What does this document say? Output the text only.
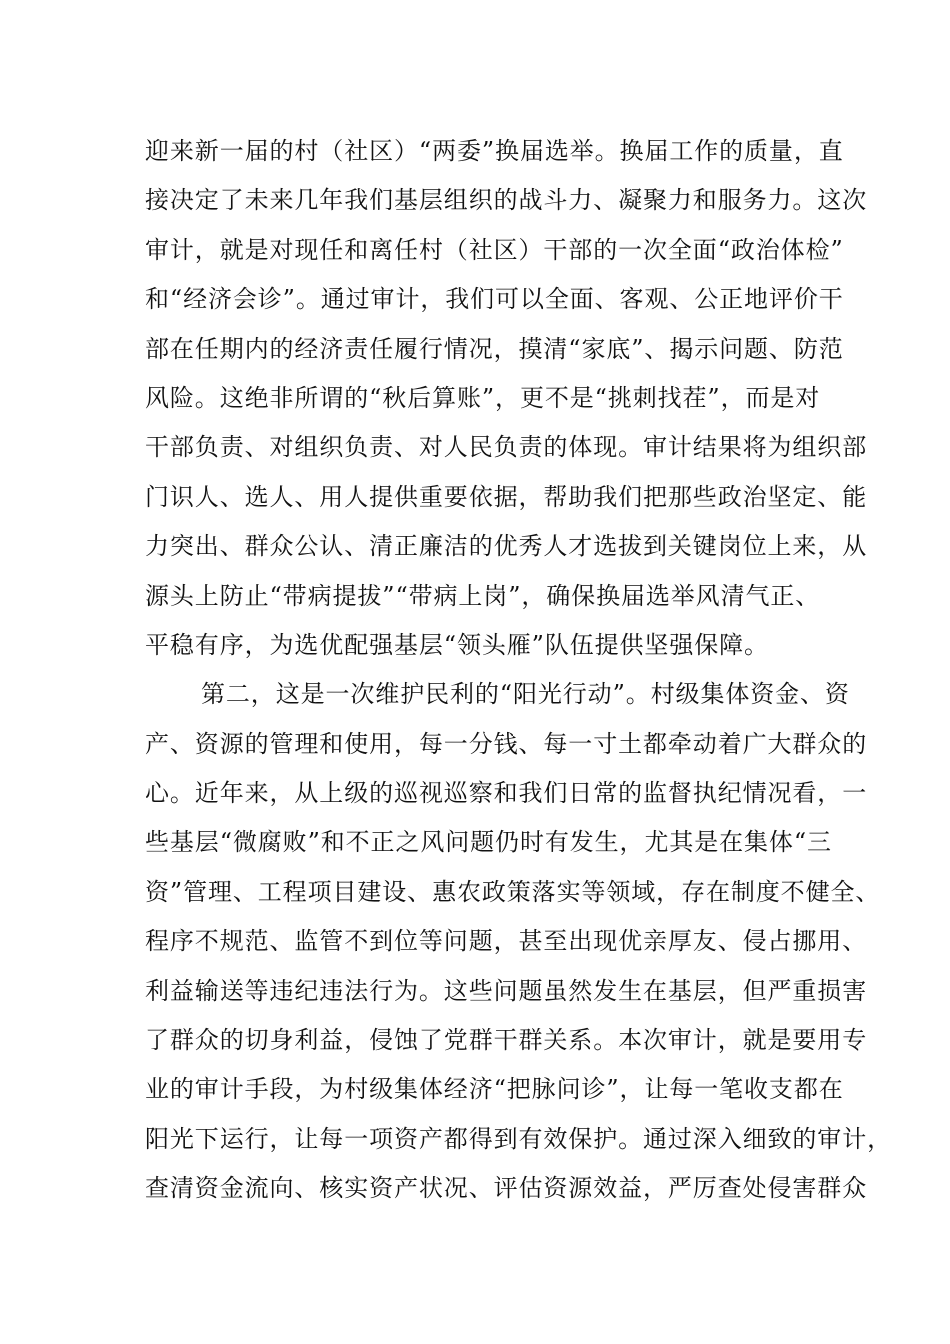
迎来新一届的村（社区）“两委”换届选举。换届工作的质量，直
接决定了未来几年我们基层组织的战斗力、凝聚力和服务力。这次
审计，就是对现任和离任村（社区）干部的一次全面“政治体检”
和“经济会诊”。通过审计，我们可以全面、客观、公正地评价干
部在任期内的经济责任履行情况，摸清“家底”、揭示问题、防范
风险。这绝非所谓的“秋后算账”，更不是“挑刺找茬”，而是对
干部负责、对组织负责、对人民负责的体现。审计结果将为组织部
门识人、选人、用人提供重要依据，帮助我们把那些政治坚定、能
力突出、群众公认、清正廉洁的优秀人才选拔到关键岗位上来，从
源头上防止“带病提拔”“带病上岗”，确保换届选举风清气正、
平稳有序，为选优配强基层“领头雁”队伍提供坚强保障。
第二，这是一次维护民利的“阳光行动”。村级集体资金、资
产、资源的管理和使用，每一分钱、每一寸土都牵动着广大群众的
心。近年来，从上级的巡视巡察和我们日常的监督执纪情况看，一
些基层“微腐败”和不正之风问题仍时有发生，尤其是在集体“三
资”管理、工程项目建设、惠农政策落实等领域，存在制度不健全、
程序不规范、监管不到位等问题，甚至出现优亲厚友、侵占挪用、
利益输送等违纪违法行为。这些问题虽然发生在基层，但严重损害
了群众的切身利益，侵蚀了党群干群关系。本次审计，就是要用专
业的审计手段，为村级集体经济“把脉问诊”，让每一笔收支都在
阳光下运行，让每一项资产都得到有效保护。通过深入细致的审计，
查清资金流向、核实资产状况、评估资源效益，严厉查处侵害群众
